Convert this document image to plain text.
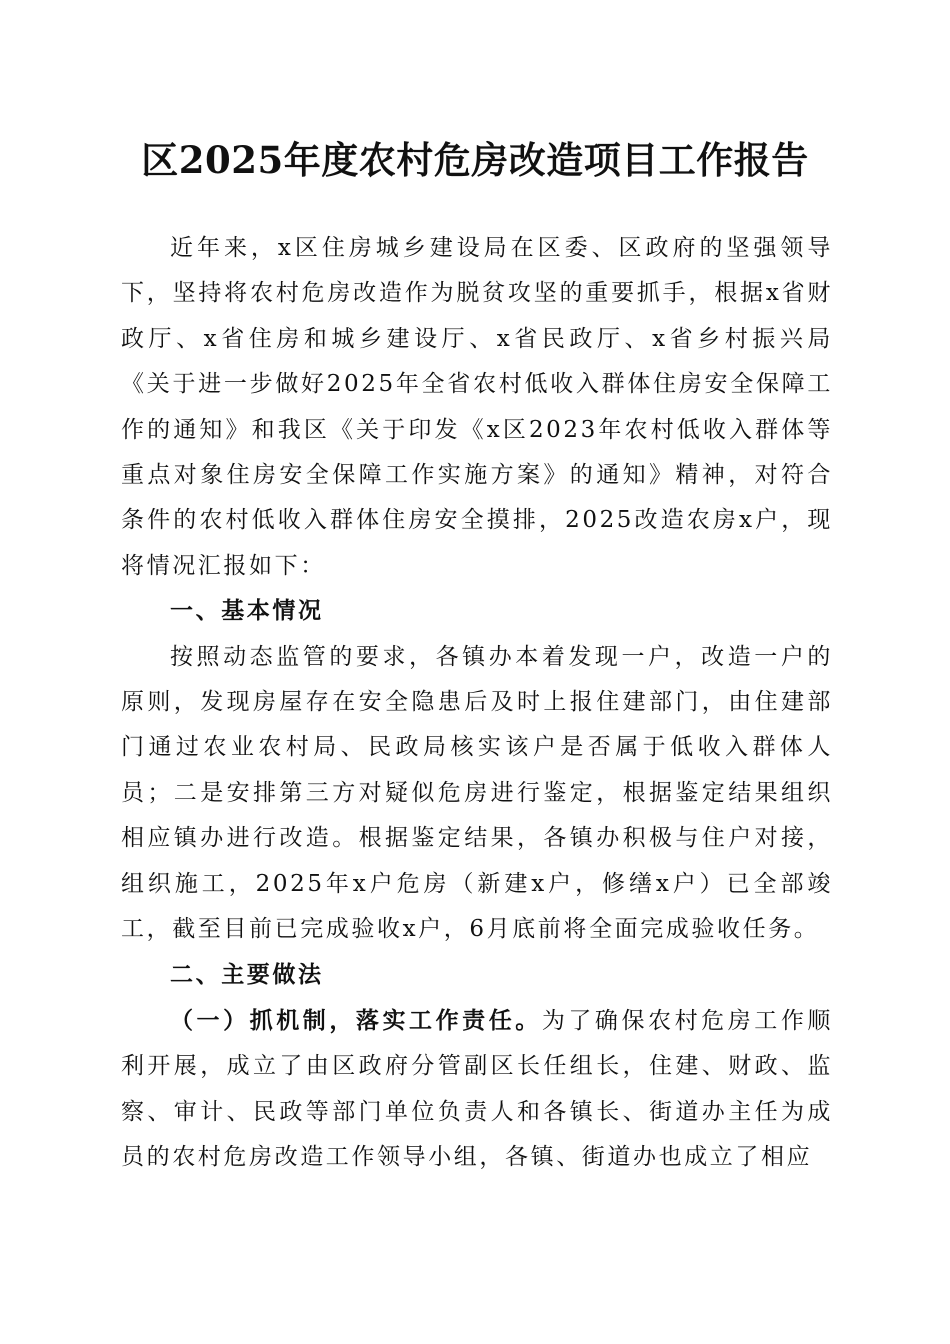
区2025年度农村危房改造项目工作报告

近年来，x区住房城乡建设局在区委、区政府的坚强领导下，坚持将农村危房改造作为脱贫攻坚的重要抓手，根据x省财政厅、x省住房和城乡建设厅、x省民政厅、x省乡村振兴局《关于进一步做好2025年全省农村低收入群体住房安全保障工作的通知》和我区《关于印发《x区2023年农村低收入群体等重点对象住房安全保障工作实施方案》的通知》精神，对符合条件的农村低收入群体住房安全摸排，2025改造农房x户，现将情况汇报如下：

一、基本情况

按照动态监管的要求，各镇办本着发现一户，改造一户的原则，发现房屋存在安全隐患后及时上报住建部门，由住建部门通过农业农村局、民政局核实该户是否属于低收入群体人员；二是安排第三方对疑似危房进行鉴定，根据鉴定结果组织相应镇办进行改造。根据鉴定结果，各镇办积极与住户对接，组织施工，2025年x户危房（新建x户，修缮x户）已全部竣工，截至目前已完成验收x户，6月底前将全面完成验收任务。

二、主要做法

（一）抓机制，落实工作责任。为了确保农村危房工作顺利开展，成立了由区政府分管副区长任组长，住建、财政、监察、审计、民政等部门单位负责人和各镇长、街道办主任为成员的农村危房改造工作领导小组，各镇、街道办也成立了相应
